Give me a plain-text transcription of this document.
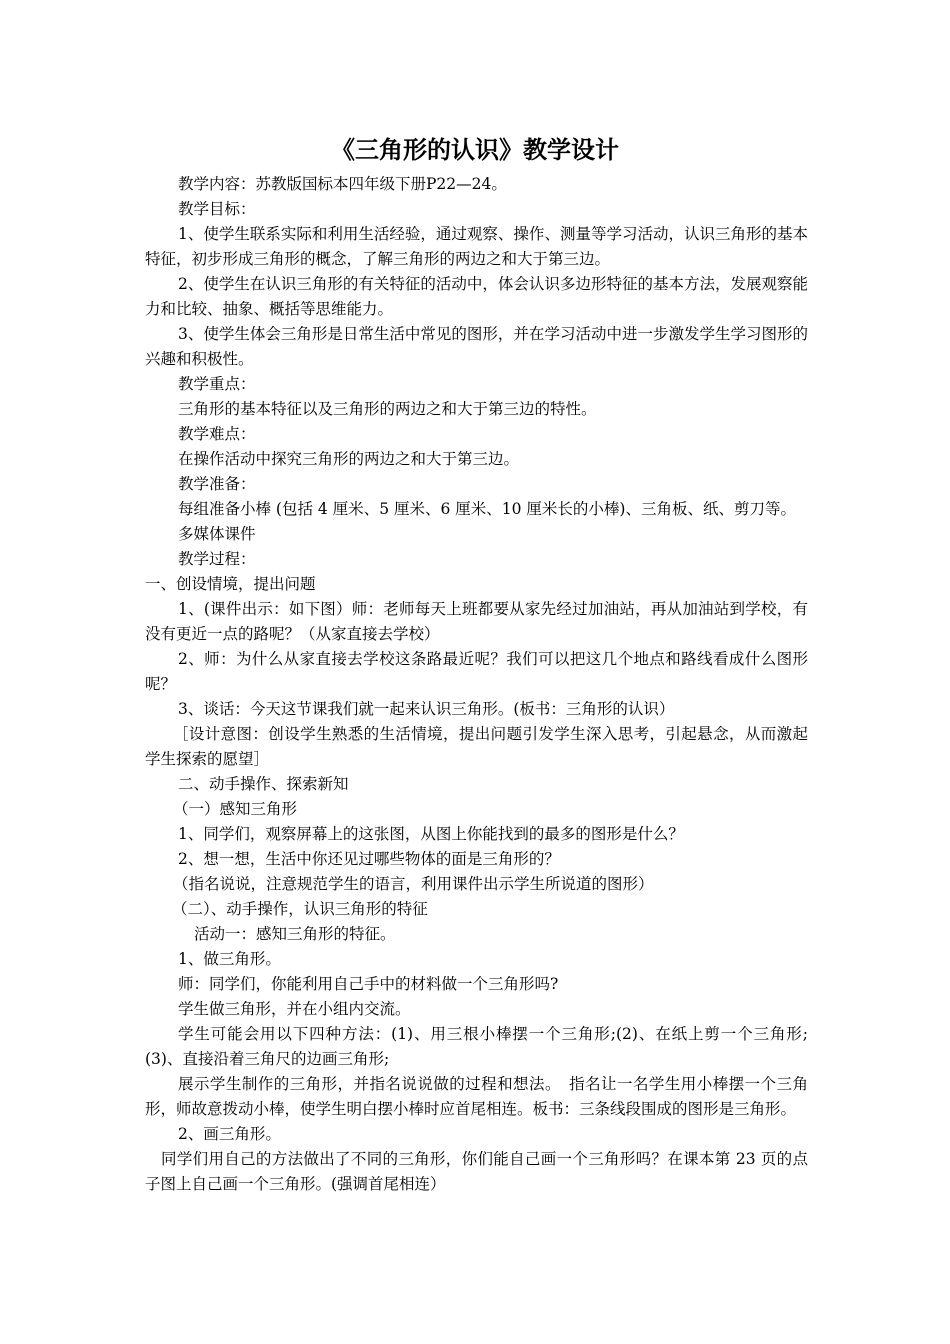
《三角形的认识》教学设计

教学内容：苏教版国标本四年级下册P22—24。

教学目标：

1、使学生联系实际和利用生活经验，通过观察、操作、测量等学习活动，认识三角形的基本特征，初步形成三角形的概念，了解三角形的两边之和大于第三边。

2、使学生在认识三角形的有关特征的活动中，体会认识多边形特征的基本方法，发展观察能力和比较、抽象、概括等思维能力。

3、使学生体会三角形是日常生活中常见的图形，并在学习活动中进一步激发学生学习图形的兴趣和积极性。

教学重点：

三角形的基本特征以及三角形的两边之和大于第三边的特性。

教学难点：

在操作活动中探究三角形的两边之和大于第三边。

教学准备：

每组准备小棒 (包括 4 厘米、5 厘米、6 厘米、10 厘米长的小棒)、三角板、纸、剪刀等。

多媒体课件

教学过程：

一、创设情境，提出问题

1、(课件出示：如下图）师：老师每天上班都要从家先经过加油站，再从加油站到学校，有没有更近一点的路呢？（从家直接去学校）

2、师：为什么从家直接去学校这条路最近呢？我们可以把这几个地点和路线看成什么图形呢？

3、谈话：今天这节课我们就一起来认识三角形。(板书：三角形的认识）

［设计意图：创设学生熟悉的生活情境，提出问题引发学生深入思考，引起悬念，从而激起学生探索的愿望］

二、动手操作、探索新知

（一）感知三角形

1、同学们，观察屏幕上的这张图，从图上你能找到的最多的图形是什么？

2、想一想，生活中你还见过哪些物体的面是三角形的？

（指名说说，注意规范学生的语言，利用课件出示学生所说道的图形）

（二）、动手操作，认识三角形的特征

活动一：感知三角形的特征。

1、做三角形。

师：同学们，你能利用自己手中的材料做一个三角形吗?

学生做三角形，并在小组内交流。

学生可能会用以下四种方法：(1)、用三根小棒摆一个三角形;(2)、在纸上剪一个三角形;(3)、直接沿着三角尺的边画三角形;

展示学生制作的三角形，并指名说说做的过程和想法。　指名让一名学生用小棒摆一个三角形，师故意拨动小棒，使学生明白摆小棒时应首尾相连。板书：三条线段围成的图形是三角形。

2、画三角形。

同学们用自己的方法做出了不同的三角形，你们能自己画一个三角形吗？在课本第 23 页的点子图上自己画一个三角形。(强调首尾相连）
